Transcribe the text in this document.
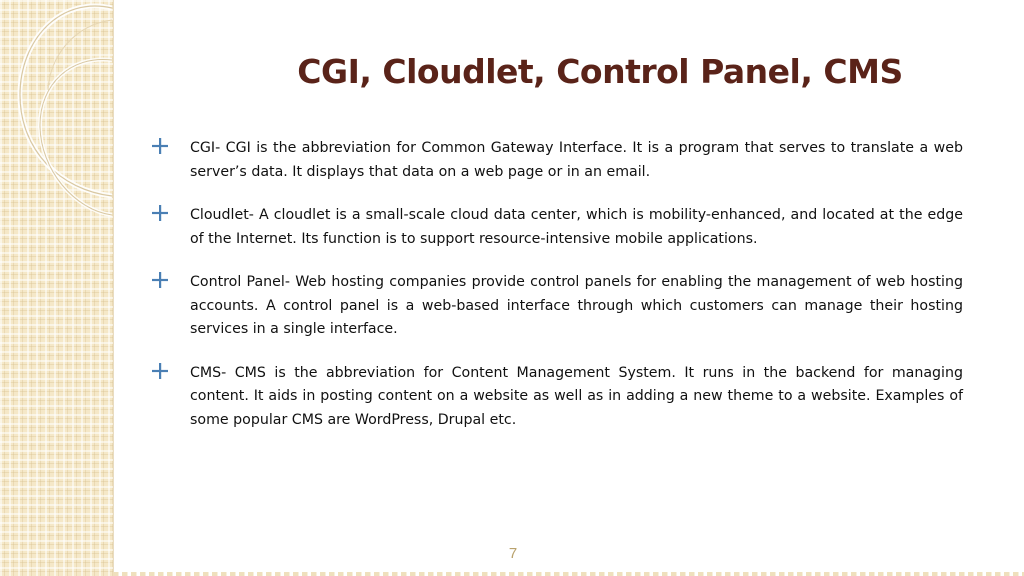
CGI, Cloudlet, Control Panel, CMS
CGI- CGI is the abbreviation for Common Gateway Interface. It is a program that serves to translate a web server’s data. It displays that data on a web page or in an email.
Cloudlet- A cloudlet is a small-scale cloud data center, which is mobility-enhanced, and located at the edge of the Internet. Its function is to support resource-intensive mobile applications.
Control Panel- Web hosting companies provide control panels for enabling the management of web hosting accounts. A control panel is a web-based interface through which customers can manage their hosting services in a single interface.
CMS- CMS is the abbreviation for Content Management System. It runs in the backend for managing content. It aids in posting content on a website as well as in adding a new theme to a website. Examples of some popular CMS are WordPress, Drupal etc.
7
